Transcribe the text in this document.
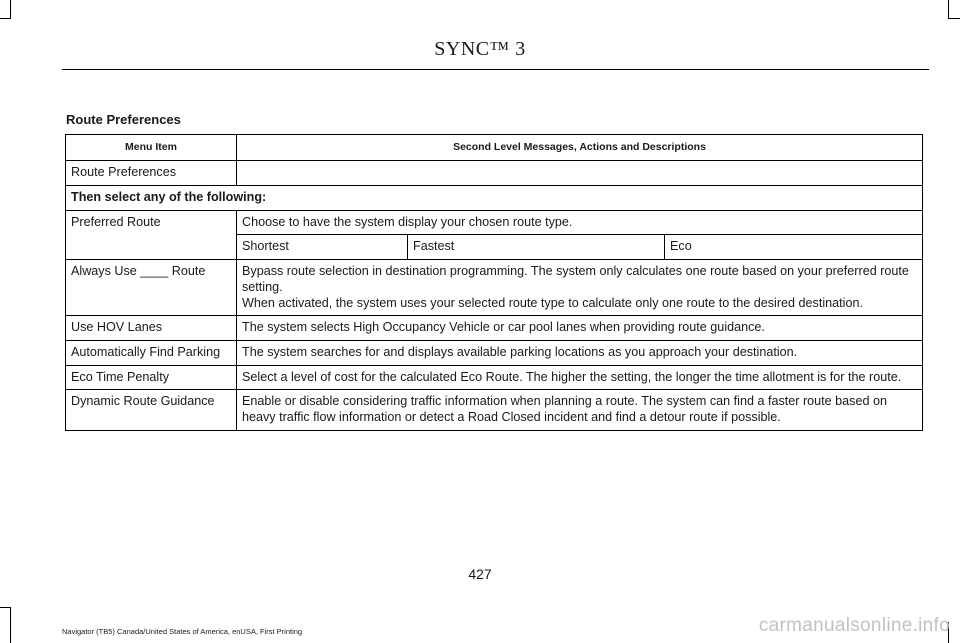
SYNC™ 3
Route Preferences
Menu Item	Second Level Messages, Actions and Descriptions		
Route Preferences			
Then select any of the following:			
Preferred Route	Choose to have the system display your chosen route type.		
	Shortest	Fastest	Eco
Always Use ____ Route	Bypass route selection in destination programming. The system only calculates one route based on your preferred route setting.
When activated, the system uses your selected route type to calculate only one route to the desired destination.		

Use HOV Lanes	The system selects High Occupancy Vehicle or car pool lanes when providing route guidance.		
Automatically Find Parking	The system searches for and displays available parking locations as you approach your destination.		
Eco Time Penalty	Select a level of cost for the calculated Eco Route. The higher the setting, the longer the time allotment is for the route.		
Dynamic Route Guidance	Enable or disable considering traffic information when planning a route. The system can find a faster route based on heavy traffic flow information or detect a Road Closed incident and find a detour route if possible.		
427
Navigator (TB5) Canada/United States of America, enUSA, First Printing	carmanualsonline.info
